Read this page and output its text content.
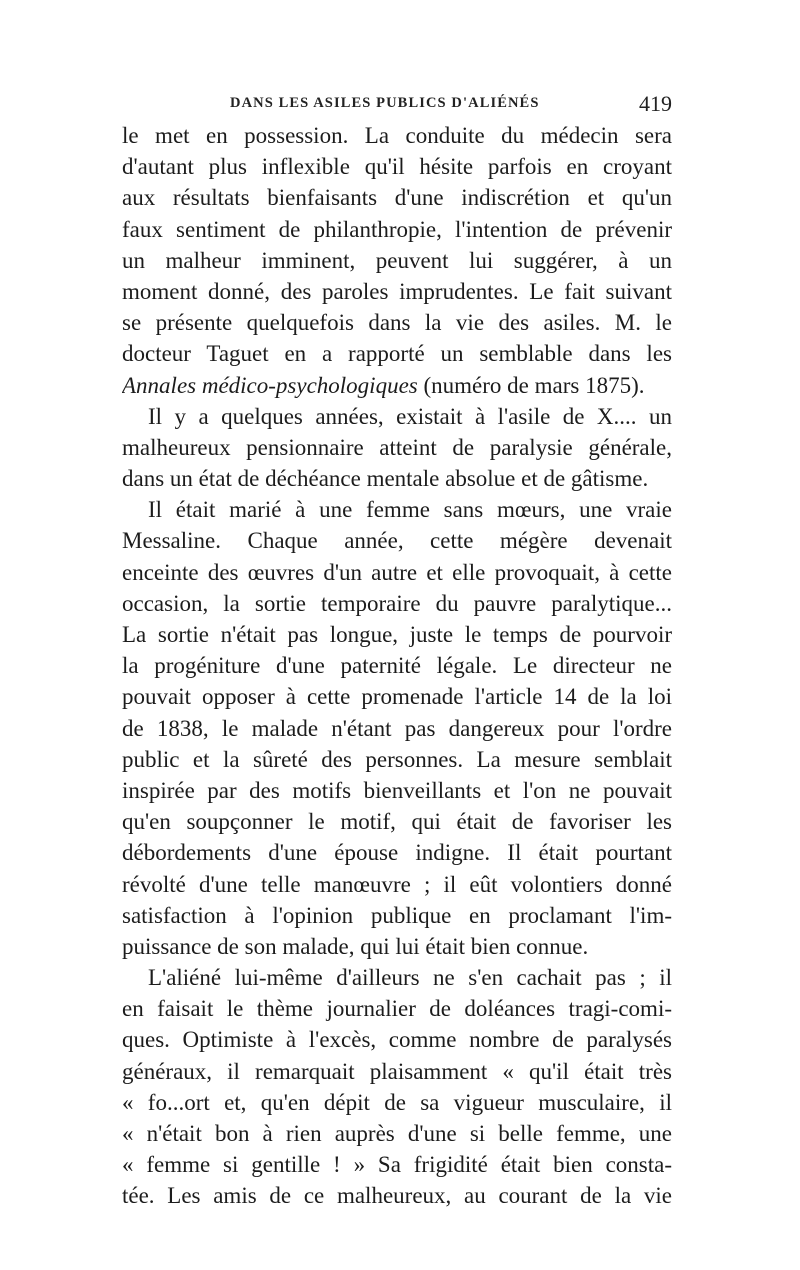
DANS LES ASILES PUBLICS D'ALIÉNÉS	419
le met en possession. La conduite du médecin sera
d'autant plus inflexible qu'il hésite parfois en croyant
aux résultats bienfaisants d'une indiscrétion et qu'un
faux sentiment de philanthropie, l'intention de prévenir
un malheur imminent, peuvent lui suggérer, à un
moment donné, des paroles imprudentes. Le fait suivant
se présente quelquefois dans la vie des asiles. M. le
docteur Taguet en a rapporté un semblable dans les
Annales médico-psychologiques (numéro de mars 1875).
Il y a quelques années, existait à l'asile de X.... un
malheureux pensionnaire atteint de paralysie générale,
dans un état de déchéance mentale absolue et de gâtisme.
Il était marié à une femme sans mœurs, une vraie
Messaline. Chaque année, cette mégère devenait
enceinte des œuvres d'un autre et elle provoquait, à cette
occasion, la sortie temporaire du pauvre paralytique...
La sortie n'était pas longue, juste le temps de pourvoir
la progéniture d'une paternité légale. Le directeur ne
pouvait opposer à cette promenade l'article 14 de la loi
de 1838, le malade n'étant pas dangereux pour l'ordre
public et la sûreté des personnes. La mesure semblait
inspirée par des motifs bienveillants et l'on ne pouvait
qu'en soupçonner le motif, qui était de favoriser les
débordements d'une épouse indigne. Il était pourtant
révolté d'une telle manœuvre ; il eût volontiers donné
satisfaction à l'opinion publique en proclamant l'im-
puissance de son malade, qui lui était bien connue.
L'aliéné lui-même d'ailleurs ne s'en cachait pas ; il
en faisait le thème journalier de doléances tragi-comi-
ques. Optimiste à l'excès, comme nombre de paralysés
généraux, il remarquait plaisamment « qu'il était très
« fo...ort et, qu'en dépit de sa vigueur musculaire, il
« n'était bon à rien auprès d'une si belle femme, une
« femme si gentille ! » Sa frigidité était bien consta-
tée. Les amis de ce malheureux, au courant de la vie
